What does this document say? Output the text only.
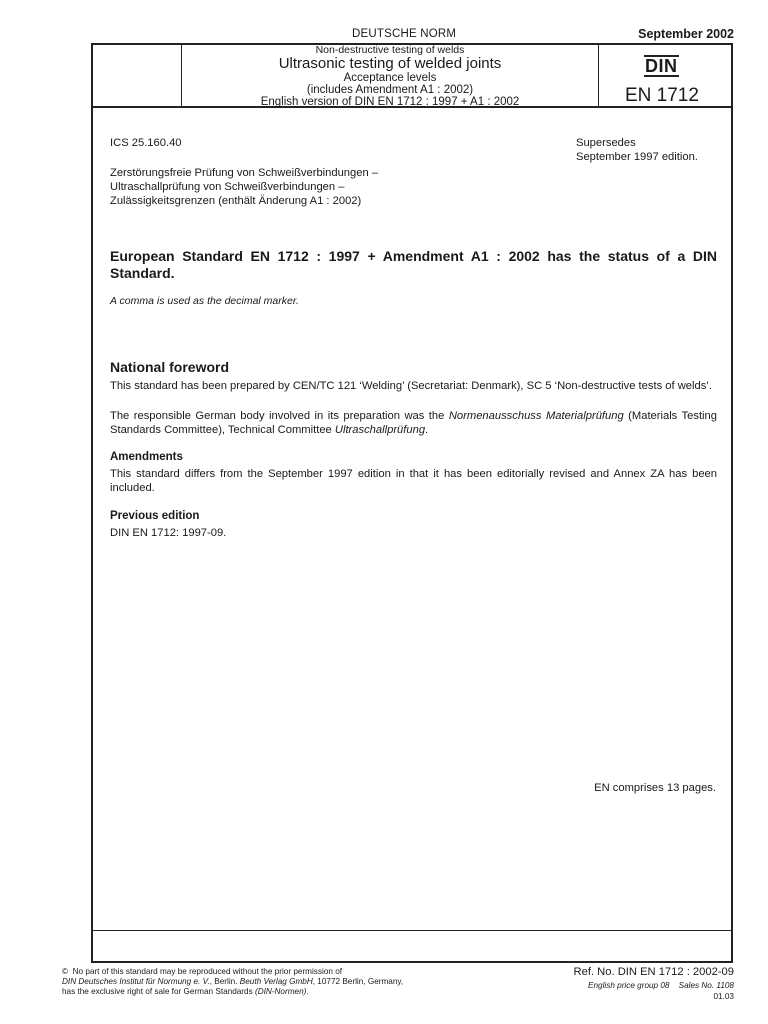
DEUTSCHE NORM	September 2002
Non-destructive testing of welds
Ultrasonic testing of welded joints
Acceptance levels
(includes Amendment A1 : 2002)
English version of DIN EN 1712 : 1997 + A1 : 2002
DIN
EN 1712
ICS 25.160.40	Supersedes
September 1997 edition.
Zerstörungsfreie Prüfung von Schweißverbindungen –
Ultraschallprüfung von Schweißverbindungen –
Zulässigkeitsgrenzen (enthält Änderung A1 : 2002)
European Standard EN 1712 : 1997 + Amendment A1 : 2002 has the status of a DIN Standard.
A comma is used as the decimal marker.
National foreword
This standard has been prepared by CEN/TC 121 ‘Welding’ (Secretariat: Denmark), SC 5 ‘Non-destructive tests of welds’.
The responsible German body involved in its preparation was the Normenausschuss Materialprüfung (Materials Testing Standards Committee), Technical Committee Ultraschallprüfung.
Amendments
This standard differs from the September 1997 edition in that it has been editorially revised and Annex ZA has been included.
Previous edition
DIN EN 1712: 1997-09.
EN comprises 13 pages.
© No part of this standard may be reproduced without the prior permission of
DIN Deutsches Institut für Normung e. V., Berlin. Beuth Verlag GmbH, 10772 Berlin, Germany,
has the exclusive right of sale for German Standards (DIN-Normen).
Ref. No. DIN EN 1712 : 2002-09
English price group 08 Sales No. 1108
01.03
